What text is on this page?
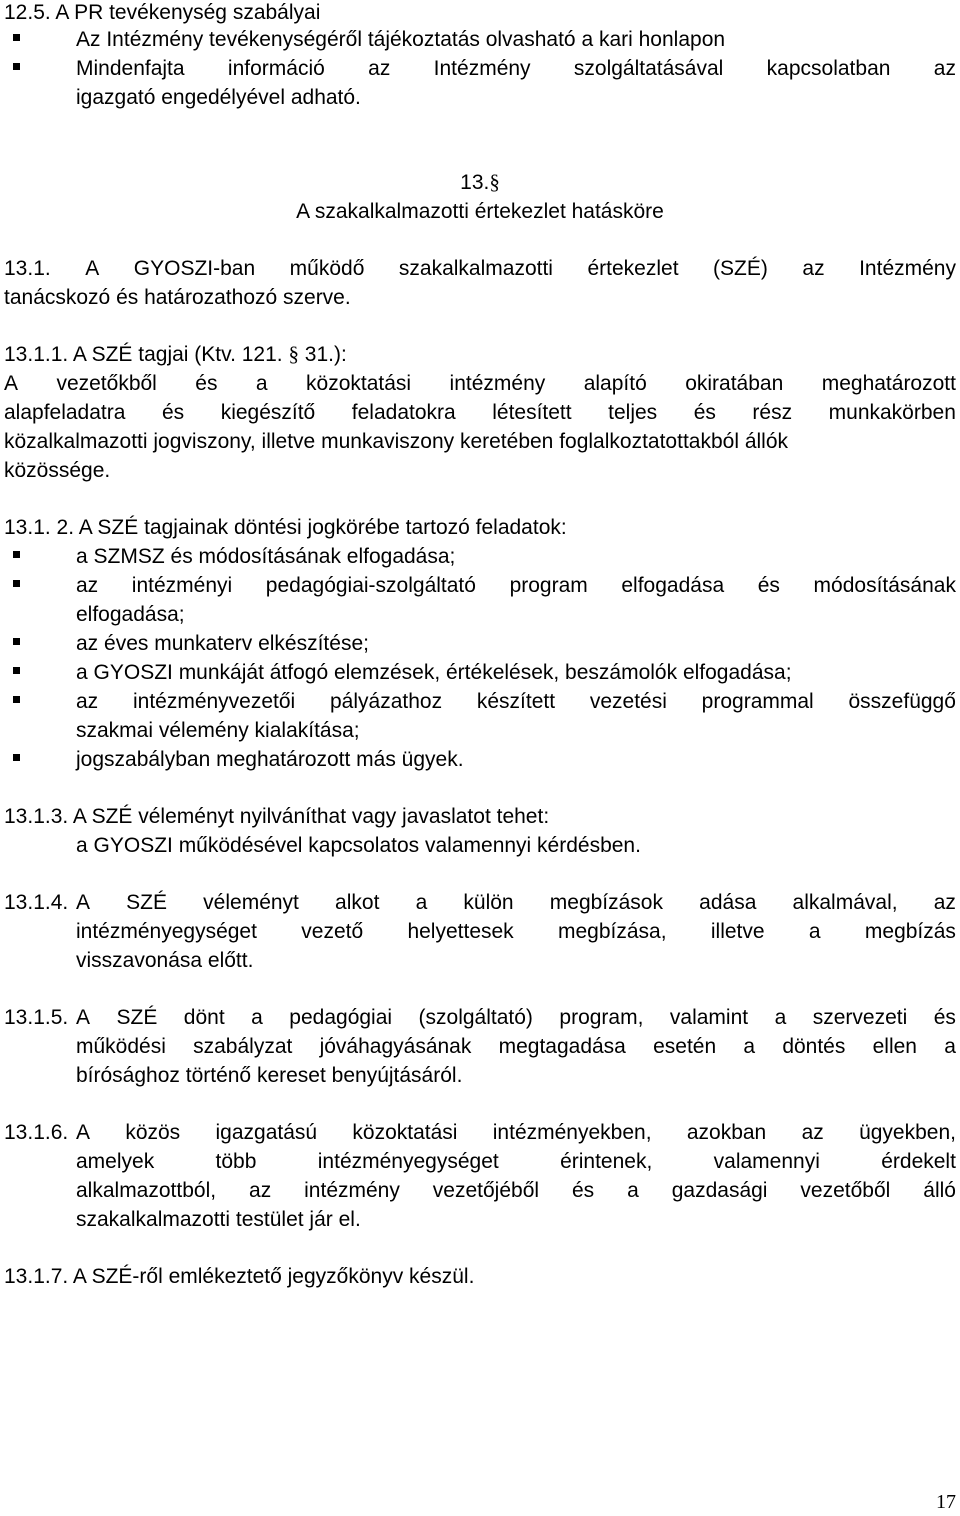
12.5. A PR tevékenység szabályai
Az Intézmény tevékenységéről tájékoztatás olvasható a kari honlapon
Mindenfajta információ az Intézmény szolgáltatásával kapcsolatban az
igazgató engedélyével adható.
13.§
A szakalkalmazotti értekezlet hatásköre
13.1. A GYOSZI-ban működő szakalkalmazotti értekezlet (SZÉ) az Intézmény
tanácskozó és határozathozó szerve.
13.1.1. A SZÉ tagjai (Ktv. 121. § 31.):
A vezetőkből és a közoktatási intézmény alapító okiratában meghatározott
alapfeladatra és kiegészítő feladatokra létesített teljes és rész munkakörben
közalkalmazotti jogviszony, illetve munkaviszony keretében foglalkoztatottakból állók
közössége.
13.1. 2. A SZÉ tagjainak döntési jogkörébe tartozó feladatok:
a SZMSZ és módosításának elfogadása;
az intézményi pedagógiai-szolgáltató program elfogadása és módosításának
elfogadása;
az éves munkaterv elkészítése;
a GYOSZI munkáját átfogó elemzések, értékelések, beszámolók elfogadása;
az intézményvezetői pályázathoz készített vezetési programmal összefüggő
szakmai vélemény kialakítása;
jogszabályban meghatározott más ügyek.
13.1.3. A SZÉ véleményt nyilváníthat vagy javaslatot tehet:
a GYOSZI működésével kapcsolatos valamennyi kérdésben.
13.1.4. A SZÉ véleményt alkot a külön megbízások adása alkalmával, az
intézményegységet vezető helyettesek megbízása, illetve a megbízás
visszavonása előtt.
13.1.5. A SZÉ dönt a pedagógiai (szolgáltató) program, valamint a szervezeti és
működési szabályzat jóváhagyásának megtagadása esetén a döntés ellen a
bírósághoz történő kereset benyújtásáról.
13.1.6. A közös igazgatású közoktatási intézményekben, azokban az ügyekben,
amelyek	több	intézményegységet	érintenek,	valamennyi	érdekelt
alkalmazottból, az intézmény vezetőjéből és a gazdasági vezetőből álló
szakalkalmazotti testület jár el.
13.1.7. A SZÉ-ről emlékeztető jegyzőkönyv készül.
17
